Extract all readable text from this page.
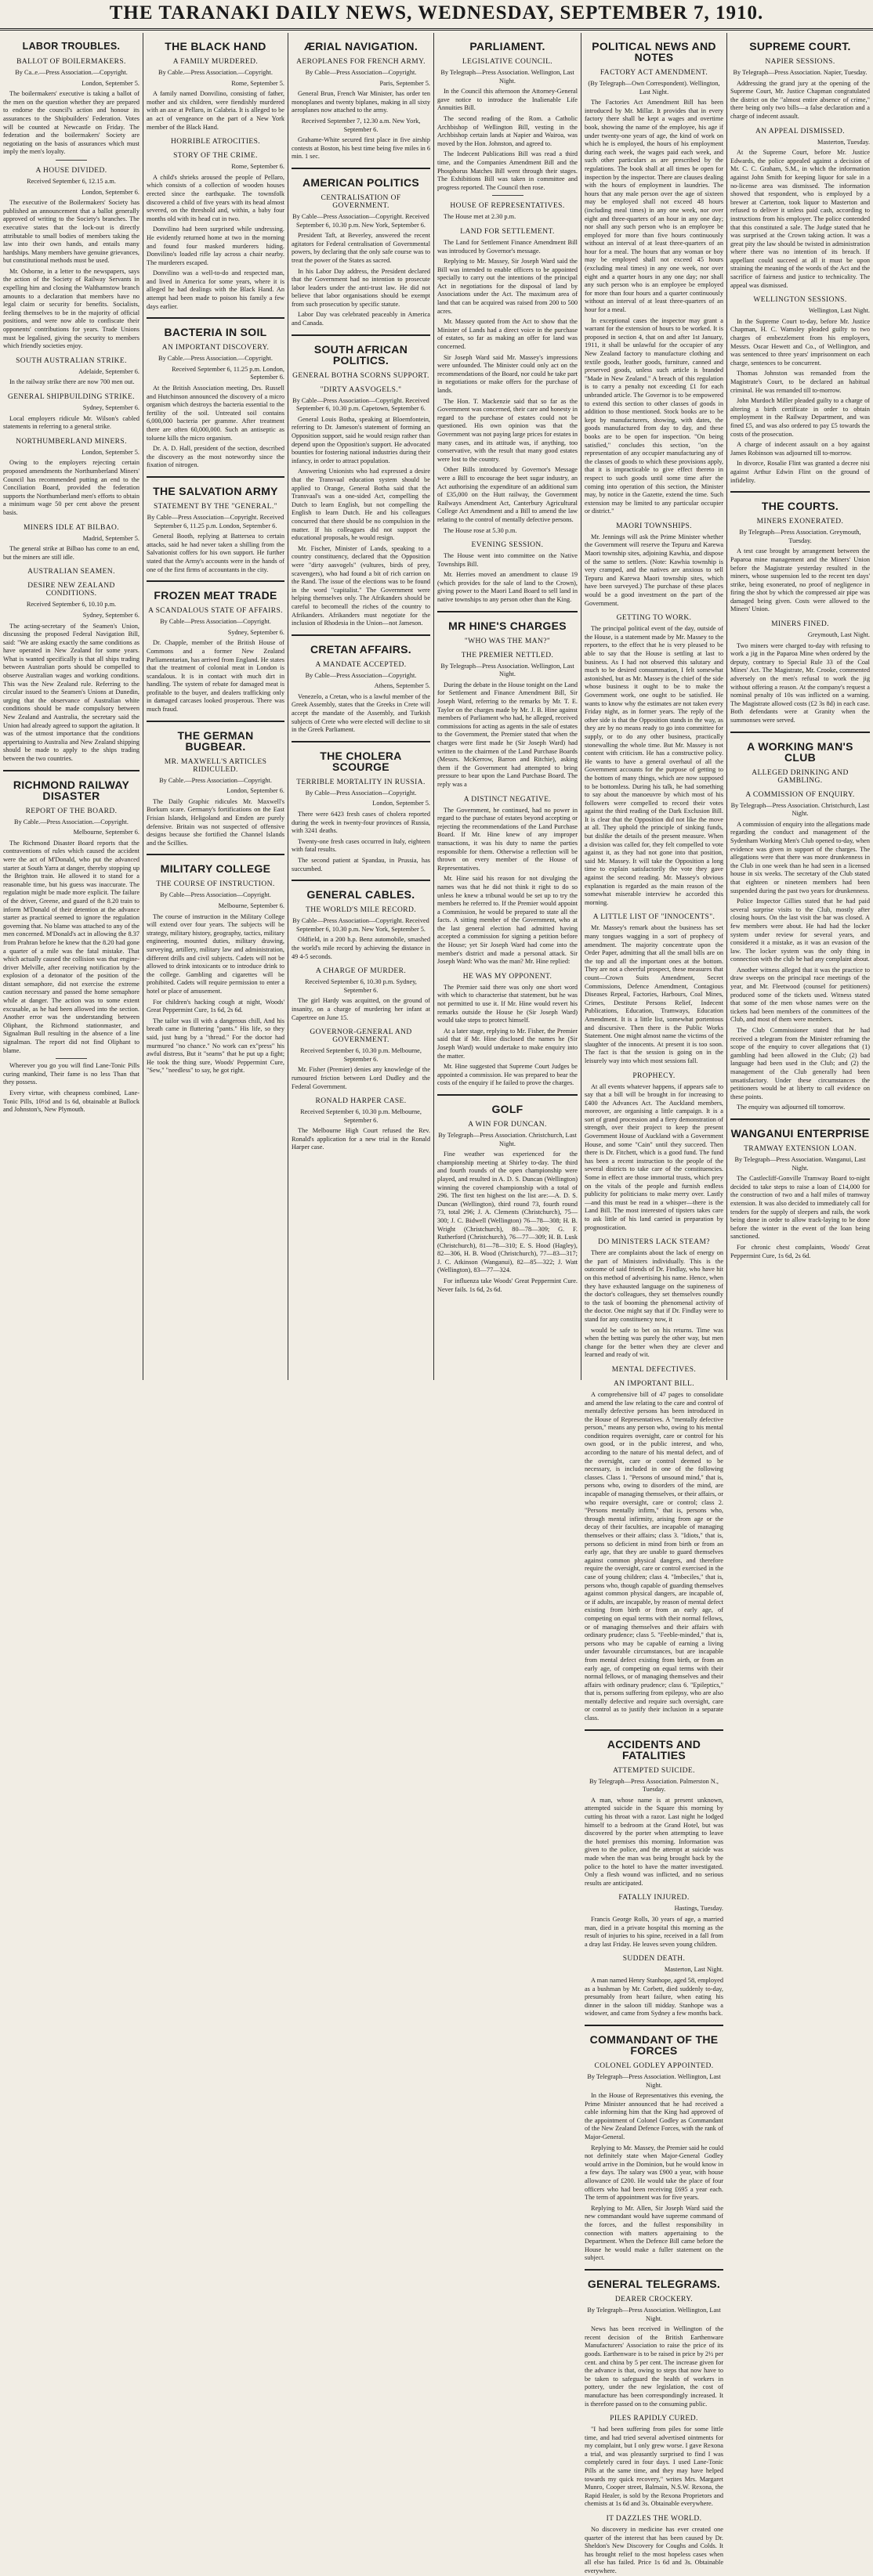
THE TARANAKI DAILY NEWS, WEDNESDAY, SEPTEMBER 7, 1910.
LABOR TROUBLES.
BALLOT OF BOILERMAKERS.

By Ca..e.—Press Association.—Copyright.

London, September 5.

The boilermakers' executive is taking a ballot of the men on the question whether they are prepared to endorse the council's action and honour its assurances to the Shipbuilders' Federation. Votes will be counted at Newcastle on Friday. The federation and the boilermakers' Society are negotiating on the basis of assurances which must imply the men's loyalty.

A HOUSE DIVIDED.

Received September 6, 12.15 a.m.

London, September 6.

The executive of the Boilermakers' Society has published an announcement that a ballot generally approved of writing to the Society's branches. The executive states that the lock-out is directly attributable to small bodies of members taking the law into their own hands, and entails many hardships. Many members have genuine grievances, but constitutional methods must be used.

Mr. Osborne, in a letter to the newspapers, says the action of the Society of Railway Servants in expelling him and closing the Walthamstow branch amounts to a declaration that members have no legal claim or security for benefits. Socialists, feeling themselves to be in the majority of official positions, and were now able to confiscate their opponents' contributions for years. Trade Unions must be legalised, giving the security to members which friendly societies enjoy.

SOUTH AUSTRALIAN STRIKE.

Adelaide, September 6.

In the railway strike there are now 700 men out.

GENERAL SHIPBUILDING STRIKE.

Sydney, September 6.

Local employers ridicule Mr. Wilson's cabled statements in referring to a general strike.

NORTHUMBERLAND MINERS.

London, September 5.

Owing to the employers rejecting certain proposed amendments the Northumberland Miners' Council has recommended putting an end to the Conciliation Board, provided the federation supports the Northumberland men's efforts to obtain a minimum wage 50 per cent above the present basis.

MINERS IDLE AT BILBAO.

Madrid, September 5.

The general strike at Bilbao has come to an end, but the miners are still idle.

AUSTRALIAN SEAMEN.
DESIRE NEW ZEALAND CONDITIONS.

Received September 6, 10.10 p.m.

Sydney, September 6.

The acting-secretary of the Seamen's Union, discussing the proposed Federal Navigation Bill, said: "We are asking exactly the same conditions as have operated in New Zealand for some years. What is wanted specifically is that all ships trading between Australian ports should be compelled to observe Australian wages and working conditions. This was the New Zealand rule. Referring to the circular issued to the Seamen's Unions at Dunedin, urging that the observance of Australian white conditions should be made compulsory between New Zealand and Australia, the secretary said the Union had already agreed to support the agitation. It was of the utmost importance that the conditions appertaining to Australia and New Zealand shipping should be made to apply to the ships trading between the two countries.

RICHMOND RAILWAY DISASTER
REPORT OF THE BOARD.

By Cable.—Press Association.—Copyright.

Melbourne, September 6.

The Richmond Disaster Board reports that the contraventions of rules which caused the accident were the act of M'Donald, who put the advanced starter at South Yarra at danger, thereby stopping up the Brighton train. He allowed it to stand for a reasonable time, but his guess was inaccurate. The regulation might be made more explicit. The failure of the driver, Greene, and guard of the 8.20 train to inform M'Donald of their detention at the advance starter as practical seemed to ignore the regulation governing that. No blame was attached to any of the men concerned. M'Donald's act in allowing the 8.37 from Prahran before he knew that the 8.20 had gone a quarter of a mile was the fatal mistake. That which actually caused the collision was that engine-driver Melville, after receiving notification by the explosion of a detonator of the position of the distant semaphore, did not exercise the extreme caution necessary and passed the home semaphore while at danger. The action was to some extent excusable, as he had been allowed into the section. Another error was the understanding between Oliphant, the Richmond stationmaster, and Signalman Bull resulting in the absence of a line signalman. The report did not find Oliphant to blame.

Wherever you go you will find Lane-Tonic Pills curing mankind, Their fame is no less Than that they possess.

Every virtue, with cheapness combined, Lane-Tonic Pills, 10½d and 1s 6d, obtainable at Bullock and Johnston's, New Plymouth.

THE BLACK HAND
A FAMILY MURDERED.

By Cable.—Press Association.—Copyright.

Rome, September 5.

A family named Donvilino, consisting of father, mother and six children, were fiendishly murdered with an axe at Pellaro, in Calabria. It is alleged to be an act of vengeance on the part of a New York member of the Black Hand.

HORRIBLE ATROCITIES.
STORY OF THE CRIME.

Rome, September 6.

A child's shrieks aroused the people of Pellaro, which consists of a collection of wooden houses erected since the earthquake. The townsfolk discovered a child of five years with its head almost severed, on the threshold and, within, a baby four months old with its head cut in two.

Donvilino had been surprised while undressing. He evidently returned home at two in the morning and found four masked murderers hiding. Donvilino's loaded rifle lay across a chair nearby. The murderers escaped.

Donvilino was a well-to-do and respected man, and lived in America for some years, where it is alleged he had dealings with the Black Hand. An attempt had been made to poison his family a few days earlier.

BACTERIA IN SOIL
AN IMPORTANT DISCOVERY.

By Cable.—Press Association.—Copyright.

Received September 6, 11.25 p.m. London, September 6.

At the British Association meeting, Drs. Russell and Hutchinson announced the discovery of a micro organism which destroys the bacteria essential to the fertility of the soil. Untreated soil contains 6,000,000 bacteria per gramme. After treatment there are often 60,000,000. Such an antiseptic as toluene kills the micro organism.

Dr. A. D. Hall, president of the section, described the discovery as the most noteworthy since the fixation of nitrogen.

THE SALVATION ARMY
STATEMENT BY THE "GENERAL."

By Cable—Press Association—Copyright. Received September 6, 11.25 p.m. London, September 6.

General Booth, replying at Battersea to certain attacks, said he had never taken a shilling from the Salvationist coffers for his own support. He further stated that the Army's accounts were in the hands of one of the first firms of accountants in the city.

FROZEN MEAT TRADE
A SCANDALOUS STATE OF AFFAIRS.

By Cable—Press Association—Copyright.

Sydney, September 6.

Dr. Chapple, member of the British House of Commons and a former New Zealand Parliamentarian, has arrived from England. He states that the treatment of colonial meat in London is scandalous. It is in contact with much dirt in handling. The system of rebate for damaged meat is profitable to the buyer, and dealers trafficking only in damaged carcases looked prosperous. There was much fraud.

THE GERMAN BUGBEAR.
MR. MAXWELL'S ARTICLES RIDICULED.

By Cable.—Press Association—Copyright.

London, September 6.

The Daily Graphic ridicules Mr. Maxwell's Borkum scare. Germany's fortifications on the East Frisian Islands, Heligoland and Emden are purely defensive. Britain was not suspected of offensive designs because she fortified the Channel Islands and the Scillies.

MILITARY COLLEGE
THE COURSE OF INSTRUCTION.

By Cable—Press Association—Copyright.

Melbourne, September 6.

The course of instruction in the Military College will extend over four years. The subjects will be strategy, military history, geography, tactics, military engineering, mounted duties, military drawing, surveying, artillery, military law and administration, different drills and civil subjects. Cadets will not be allowed to drink intoxicants or to introduce drink to the college. Gambling and cigarettes will be prohibited. Cadets will require permission to enter a hotel or place of amusement.

For children's hacking cough at night, Woods' Great Peppermint Cure, 1s 6d, 2s 6d.

The tailor was ill with a dangerous chill, And his breath came in fluttering "pants." His life, so they said, just hung by a "thread." For the doctor had murmured "no chance." No work can ex"press" his awful distress, But it "seams" that he put up a fight; He took the thing sure, Woods' Peppermint Cure, "Sew," "needless" to say, he got right.

ÆRIAL NAVIGATION.
AEROPLANES FOR FRENCH ARMY.

By Cable—Press Association—Copyright.

Paris, September 5.

General Brun, French War Minister, has order ten monoplanes and twenty biplanes, making in all sixty aeroplanes now attached to the army.

Received September 7, 12.30 a.m. New York, September 6.

Grahame-White secured first place in five airship contests at Boston, his best time being five miles in 6 min. 1 sec.

AMERICAN POLITICS
CENTRALISATION OF GOVERNMENT.

By Cable—Press Association—Copyright. Received September 6, 10.30 p.m. New York, September 6.

President Taft, at Beverley, answered the recent agitators for Federal centralisation of Governmental powers, by declaring that the only safe course was to treat the power of the States as sacred.

In his Labor Day address, the President declared that the Government had no intention to prosecute labor leaders under the anti-trust law. He did not believe that labor organisations should be exempt from such prosecution by specific statute.

Labor Day was celebrated peaceably in America and Canada.

SOUTH AFRICAN POLITICS.
GENERAL BOTHA SCORNS SUPPORT.
"DIRTY AASVOGELS."

By Cable—Press Association—Copyright. Received September 6, 10.30 p.m. Capetown, September 6.

General Louis Botha, speaking at Bloemfontein, referring to Dr. Jameson's statement of forming an Opposition support, said he would resign rather than depend upon the Opposition's support. He advocated bounties for fostering national industries during their infancy, in order to attract population.

Answering Unionists who had expressed a desire that the Transvaal education system should be applied to Orange, General Botha said that the Transvaal's was a one-sided Act, compelling the Dutch to learn English, but not compelling the English to learn Dutch. He and his colleagues concurred that there should be no compulsion in the matter. If his colleagues did not support the educational proposals, he would resign.

Mr. Fischer, Minister of Lands, speaking to a country constituency, declared that the Opposition were "dirty aasvogels" (vultures, birds of prey, scavengers), who had found a bit of rich carrion on the Rand. The issue of the elections was to be found in the word "capitalist." The Government were helping themselves only. The Afrikanders should be careful to becomeall the riches of the country to Afrikanders. Afrikanders must negotiate for the inclusion of Rhodesia in the Union—not Jameson.

CRETAN AFFAIRS.
A MANDATE ACCEPTED.

By Cable—Press Association—Copyright.

Athens, September 5.

Venezelo, a Cretan, who is a lawful member of the Greek Assembly, states that the Greeks in Crete will accept the mandate of the Assembly, and Turkish subjects of Crete who were elected will decline to sit in the Greek Parliament.

THE CHOLERA SCOURGE
TERRIBLE MORTALITY IN RUSSIA.

By Cable—Press Association—Copyright.

London, September 5.

There were 6423 fresh cases of cholera reported during the week in twenty-four provinces of Russia, with 3241 deaths.

Twenty-one fresh cases occurred in Italy, eighteen with fatal results.

The second patient at Spandau, in Prussia, has succumbed.

GENERAL CABLES.
THE WORLD'S MILE RECORD.

By Cable—Press Association—Copyright. Received September 6, 10.30 p.m. New York, September 5.

Oldfield, in a 200 h.p. Benz automobile, smashed the world's mile record by achieving the distance in 49 4-5 seconds.

A CHARGE OF MURDER.

Received September 6, 10.30 p.m. Sydney, September 6.

The girl Hardy was acquitted, on the ground of insanity, on a charge of murdering her infant at Capertree on June 15.

GOVERNOR-GENERAL AND GOVERNMENT.

Received September 6, 10.30 p.m. Melbourne, September 6.

Mr. Fisher (Premier) denies any knowledge of the rumoured friction between Lord Dudley and the Federal Government.

RONALD HARPER CASE.

Received September 6, 10.30 p.m. Melbourne, September 6.

The Melbourne High Court refused the Rev. Ronald's application for a new trial in the Ronald Harper case.

PARLIAMENT.
LEGISLATIVE COUNCIL.

By Telegraph—Press Association. Wellington, Last Night.

In the Council this afternoon the Attorney-General gave notice to introduce the Inalienable Life Annuities Bill.

The second reading of the Rom. a Catholic Archbishop of Wellington Bill, vesting in the Archbishop certain lands at Napier and Wairoa, was moved by the Hon. Johnston, and agreed to.

The Indecent Publications Bill was read a third time, and the Companies Amendment Bill and the Phosphorus Matches Bill went through their stages. The Exhibitions Bill was taken in committee and progress reported. The Council then rose.

HOUSE OF REPRESENTATIVES.

The House met at 2.30 p.m.

LAND FOR SETTLEMENT.

The Land for Settlement Finance Amendment Bill was introduced by Governor's message.

Replying to Mr. Massey, Sir Joseph Ward said the Bill was intended to enable officers to be appointed specially to carry out the intentions of the principal Act in negotiations for the disposal of land by Associations under the Act. The maximum area of land that can be acquired was raised from 200 to 500 acres.

Mr. Massey quoted from the Act to show that the Minister of Lands had a direct voice in the purchase of estates, so far as making an offer for land was concerned.

Sir Joseph Ward said Mr. Massey's impressions were unfounded. The Minister could only act on the recommendations of the Board, nor could he take part in negotiations or make offers for the purchase of lands.

The Hon. T. Mackenzie said that so far as the Government was concerned, their care and honesty in regard to the purchase of estates could not be questioned. His own opinion was that the Government was not paying large prices for estates in many cases, and its attitude was, if anything, too conservative, with the result that many good estates were lost to the country.

Other Bills introduced by Governor's Message were a Bill to encourage the beet sugar industry, an Act authorising the expenditure of an additional sum of £35,000 on the Hutt railway, the Government Railways Amendment Act, Canterbury Agricultural College Act Amendment and a Bill to amend the law relating to the control of mentally defective persons.

The House rose at 5.30 p.m.

EVENING SESSION.

The House went into committee on the Native Townships Bill.

Mr. Herries moved an amendment to clause 19 (which provides for the sale of land to the Crown), giving power to the Maori Land Board to sell land in native townships to any person other than the King.

MR HINE'S CHARGES
"WHO WAS THE MAN?"
THE PREMIER NETTLED.

By Telegraph—Press Association. Wellington, Last Night.

During the debate in the House tonight on the Land for Settlement and Finance Amendment Bill, Sir Joseph Ward, referring to the remarks by Mr. T. E. Taylor on the charges made by Mr. J. B. Hine against members of Parliament who had, he alleged, received commissions for acting as agents in the sale of estates to the Government, the Premier stated that when the charges were first made he (Sir Joseph Ward) had written to the chairmen of the Land Purchase Boards (Messrs. McKerrow, Barron and Ritchie), asking them if the Government had attempted to bring pressure to bear upon the Land Purchase Board. The reply was a

A DISTINCT NEGATIVE.

The Government, he continued, had no power in regard to the purchase of estates beyond accepting or rejecting the recommendations of the Land Purchase Board. If Mr. Hine knew of any improper transactions, it was his duty to name the parties responsible for them. Otherwise a reflection will be thrown on every member of the House of Representatives.

Mr. Hine said his reason for not divulging the names was that he did not think it right to do so unless he knew a tribunal would be set up to try the members he referred to. If the Premier would appoint a Commission, he would be prepared to state all the facts. A sitting member of the Government, who at the last general election had admitted having accepted a commission for signing a petition before the House; yet Sir Joseph Ward had come into the member's district and made a personal attack. Sir Joseph Ward: Who was the man? Mr. Hine replied:

HE WAS MY OPPONENT.

The Premier said there was only one short word with which to characterise that statement, but he was not permitted to use it. If Mr. Hine would revert his remarks outside the House he (Sir Joseph Ward) would take steps to protect himself.

At a later stage, replying to Mr. Fisher, the Premier said that if Mr. Hine disclosed the names he (Sir Joseph Ward) would undertake to make enquiry into the matter.

Mr. Hine suggested that Supreme Court Judges be appointed a commission. He was prepared to bear the costs of the enquiry if he failed to prove the charges.

GOLF
A WIN FOR DUNCAN.

By Telegraph—Press Association. Christchurch, Last Night.

Fine weather was experienced for the championship meeting at Shirley to-day. The third and fourth rounds of the open championship were played, and resulted in A. D. S. Duncan (Wellington) winning the covered championship with a total of 296. The first ten highest on the list are:—A. D. S. Duncan (Wellington), third round 73, fourth round 73, total 296; J. A. Clements (Christchurch), 75—300; J. C. Bidwell (Wellington) 76—78—308; H. B. Wright (Christchurch), 80—78—309; G. F. Rutherford (Christchurch), 76—77—309; H. B. Lusk (Christchurch), 81—78—310; E. S. Hood (Hagley), 82—306, H. B. Wood (Christchurch), 77—83—317; J. C. Atkinson (Wanganui), 82—85—322; J. Watt (Wellington), 83—77—324.

For influenza take Woods' Great Peppermint Cure. Never fails. 1s 6d, 2s 6d.

POLITICAL NEWS AND NOTES
FACTORY ACT AMENDMENT.

(By Telegraph—Own Correspondent). Wellington, Last Night.

The Factories Act Amendment Bill has been introduced by Mr. Millar. It provides that in every factory there shall be kept a wages and overtime book, showing the name of the employee, his age if under twenty-one years of age, the kind of work on which he is employed, the hours of his employment during each week, the wages paid each week, and such other particulars as are prescribed by the regulations. The book shall at all times be open for inspection by the inspector. There are clauses dealing with the hours of employment in laundries. The hours that any male person over the age of sixteen may be employed shall not exceed 48 hours (including meal times) in any one week, nor over eight and three-quarters of an hour in any one day; nor shall any such person who is an employee be employed for more than five hours continuously without an interval of at least three-quarters of an hour for a meal. The hours that any woman or boy may be employed shall not exceed 45 hours (excluding meal times) in any one week, nor over eight and a quarter hours in any one day; nor shall any such person who is an employee be employed for more than four hours and a quarter continuously without an interval of at least three-quarters of an hour for a meal.

In exceptional cases the inspector may grant a warrant for the extension of hours to be worked. It is proposed in section 4, that on and after 1st January, 1911, it shall be unlawful for the occupier of any New Zealand factory to manufacture clothing and textile goods, leather goods, furniture, canned and preserved goods, unless such article is branded "Made in New Zealand." A breach of this regulation is to carry a penalty not exceeding £1 for each unbranded article. The Governor is to be empowered to extend this section to other classes of goods in addition to those mentioned. Stock books are to be kept by manufacturers, showing, with dates, the goods manufactured from day to day, and these books are to be open for inspection. "On being satisfied," concludes this section, "on the representation of any occupier manufacturing any of the classes of goods to which these provisions apply, that it is impracticable to give effect thereto in respect to such goods until some time after the coming into operation of this section, the Minister may, by notice in the Gazette, extend the time. Such extension may be limited to any particular occupier or district."

MAORI TOWNSHIPS.

Mr. Jennings will ask the Prime Minister whether the Government will reserve the Tepuru and Karewa Maori township sites, adjoining Kawhia, and dispose of the same to settlers. (Note: Kawhia township is very cramped, and the natives are anxious to sell Tepuru and Karewa Maori township sites, which have been surveyed.) The purchase of these places would be a good investment on the part of the Government.

GETTING TO WORK.

The principal political event of the day, outside of the House, is a statement made by Mr. Massey to the reporters, to the effect that he is very pleased to be able to say that the House is settling at last to business. As I had not observed this salutary and much to be desired consummation, I felt somewhat astonished, but as Mr. Massey is the chief of the side whose business it ought to be to make the Government work, one ought to be satisfied. He wants to know why the estimates are not taken every Friday night, as in former years. The reply of the other side is that the Opposition stands in the way, as they are by no means ready to go into committee for supply, or to do any other business, practically stonewalling the whole time. But Mr. Massey is not content with criticism. He has a constructive policy. He wants to have a general overhaul of all the Government accounts for the purpose of getting to the bottom of many things, which are now supposed to be bottomless. During his talk, he had something to say about the manoeuvre by which most of his followers were compelled to record their votes against the third reading of the Dark Exclusion Bill. It is clear that the Opposition did not like the move at all. They uphold the principle of sinking funds, but dislike the details of the present measure. When a division was called for, they felt compelled to vote against it, as they had not gone into that position, said Mr. Massey. It will take the Opposition a long time to explain satisfactorily the vote they gave against the second reading. Mr. Massey's obvious explanation is regarded as the main reason of the somewhat miserable interview he accorded this morning.

A LITTLE LIST OF "INNOCENTS".

Mr. Massey's remark about the business has set many tongues wagging in a sort of prophecy of amendment. The majority concentrate upon the Order Paper, admitting that all the small bills are on the top and all the important ones at the bottom. They are not a cheerful prospect, these measures that count—Crown Suits Amendment, Secret Commissions, Defence Amendment, Contagious Diseases Repeal, Factories, Harbours, Coal Mines, Crimes, Destitute Persons Relief, Indecent Publications, Education, Tramways, Education Amendment. It is a little list, somewhat portentous and discursive. Then there is the Public Works Statement. One might almost name the victims of the slaughter of the innocents. At present it is too soon. The fact is that the session is going on in the leisurely way into which most sessions fall.

PROPHECY.

At all events whatever happens, if appears safe to say that a bill will be brought in for increasing to £400 the Advances Act. The Auckland members, moreover, are organising a little campaign. It is a sort of grand procession and a fiery demonstration of strength, over their project to keep the present Government House of Auckland with a Government House, and some "Cain" until they succeed. Then there is Dr. Fitchett, which is a good fund. The fund has been a recent instruction to the people of the several districts to take care of the constituencies. Some in effect are those immortal trusts, which prey on the vitals of the people and furnish endless publicity for politicians to make merry over. Lastly—and this must be read in a whisper—there is the Land Bill. The most interested of tipsters takes care to ask little of his land carried in preparation by prognostication.

DO MINISTERS LACK STEAM?

There are complaints about the lack of energy on the part of Ministers individually. This is the outcome of said friends of Dr. Findlay, who have hit on this method of advertising his name. Hence, when they have exhausted language on the supineness of the doctor's colleagues, they set themselves roundly to the task of booming the phenomenal activity of the doctor. One might say that if Dr. Findlay were to stand for any constituency now, it

would be safe to bet on his returns. Time was when the betting was purely the other way, but men change for the better when they are clever and learned and ready of wit.

MENTAL DEFECTIVES.
AN IMPORTANT BILL.

A comprehensive bill of 47 pages to consolidate and amend the law relating to the care and control of mentally defective persons has been introduced in the House of Representatives. A "mentally defective person," means any person who, owing to his mental condition requires oversight, care or control for his own good, or in the public interest, and who, according to the nature of his mental defect, and of the oversight, care or control deemed to be necessary, is included in one of the following classes. Class 1. "Persons of unsound mind," that is, persons who, owing to disorders of the mind, are incapable of managing themselves, or their affairs, or who require oversight, care or control; class 2. "Persons mentally infirm," that is, persons who, through mental infirmity, arising from age or the decay of their faculties, are incapable of managing themselves or their affairs; class 3. "Idiots," that is, persons so deficient in mind from birth or from an early age, that they are unable to guard themselves against common physical dangers, and therefore require the oversight, care or control exercised in the case of young children; class 4. "Imbeciles," that is, persons who, though capable of guarding themselves against common physical dangers, are incapable of, or if adults, are incapable, by reason of mental defect existing from birth or from an early age, of competing on equal terms with their normal fellows, or of managing themselves and their affairs with ordinary prudence; class 5. "Feeble-minded," that is, persons who may be capable of earning a living under favourable circumstances, but are incapable from mental defect existing from birth, or from an early age, of competing on equal terms with their normal fellows, or of managing themselves and their affairs with ordinary prudence; class 6. "Epileptics," that is, persons suffering from epilepsy, who are also mentally defective and require such oversight, care or control as to justify their inclusion in a separate class.

ACCIDENTS AND FATALITIES
ATTEMPTED SUICIDE.

By Telegraph—Press Association. Palmerston N., Tuesday.

A man, whose name is at present unknown, attempted suicide in the Square this morning by cutting his throat with a razor. Last night he lodged himself to a bedroom at the Grand Hotel, but was discovered by the porter when attempting to leave the hotel premises this morning. Information was given to the police, and the attempt at suicide was made when the man was being brought back by the police to the hotel to have the matter investigated. Only a flesh wound was inflicted, and no serious results are anticipated.

FATALLY INJURED.

Hastings, Tuesday.

Francis George Rolls, 30 years of age, a married man, died in a private hospital this morning as the result of injuries to his spine, received in a fall from a dray last Friday. He leaves seven young children.

SUDDEN DEATH.

Masterton, Last Night.

A man named Henry Stanhope, aged 58, employed as a bushman by Mr. Corbett, died suddenly to-day, presumably from heart failure, when eating his dinner in the saloon till midday. Stanhope was a widower, and came from Sydney a few months back.

COMMANDANT OF THE FORCES
COLONEL GODLEY APPOINTED.

By Telegraph—Press Association. Wellington, Last Night.

In the House of Representatives this evening, the Prime Minister announced that he had received a cable informing him that the King had approved of the appointment of Colonel Godley as Commandant of the New Zealand Defence Forces, with the rank of Major-General.

Replying to Mr. Massey, the Premier said he could not definitely state when Major-General Godley would arrive in the Dominion, but he would know in a few days. The salary was £900 a year, with house allowance of £200. He would take the place of four officers who had been receiving £695 a year each. The term of appointment was for five years.

Replying to Mr. Allen, Sir Joseph Ward said the new commandant would have supreme command of the forces, and the fullest responsibility in connection with matters appertaining to the Department. When the Defence Bill came before the House he would make a fuller statement on the subject.

GENERAL TELEGRAMS.
DEARER CROCKERY.

By Telegraph—Press Association. Wellington, Last Night.

News has been received in Wellington of the recent decision of the British Earthenware Manufacturers' Association to raise the price of its goods. Earthenware is to be raised in price by 2½ per cent. and china by 5 per cent. The increase given for the advance is that, owing to steps that now have to be taken to safeguard the health of workers in pottery, under the new legislation, the cost of manufacture has been correspondingly increased. It is therefore passed on to the consuming public.

PILES RAPIDLY CURED.

"I had been suffering from piles for some little time, and had tried several advertised ointments for my complaint, but I only grew worse. I gave Rexona a trial, and was pleasantly surprised to find I was completely cured in four days. I used Lane-Tonic Pills at the same time, and they may have helped towards my quick recovery," writes Mrs. Margaret Munro, Cooper street, Balmain, N.S.W. Rexona, the Rapid Healer, is sold by the Rexona Proprietors and chemists at 1s 6d and 3s. Obtainable everywhere.

IT DAZZLES THE WORLD.

No discovery in medicine has ever created one quarter of the interest that has been caused by Dr. Sheldon's New Discovery for Coughs and Colds. It has brought relief to the most hopeless cases when all else has failed. Price 1s 6d and 3s. Obtainable everywhere.

SUPREME COURT.
NAPIER SESSIONS.

By Telegraph—Press Association. Napier, Tuesday.

Addressing the grand jury at the opening of the Supreme Court, Mr. Justice Chapman congratulated the district on the "almost entire absence of crime," there being only two bills—a false declaration and a charge of indecent assault.

AN APPEAL DISMISSED.

Masterton, Tuesday.

At the Supreme Court, before Mr. Justice Edwards, the police appealed against a decision of Mr. C. C. Graham, S.M., in which the information against John Smith for keeping liquor for sale in a no-license area was dismissed. The information showed that respondent, who is employed by a brewer at Carterton, took liquor to Masterton and refused to deliver it unless paid cash, according to instructions from his employer. The police contended that this constituted a sale. The Judge stated that he was surprised at the Crown taking action. It was a great pity the law should be twisted in administration where there was no intention of its breach. If appellant could succeed at all it must be upon straining the meaning of the words of the Act and the sacrifice of fairness and justice to technicality. The appeal was dismissed.

WELLINGTON SESSIONS.

Wellington, Last Night.

In the Supreme Court to-day, before Mr. Justice Chapman, H. C. Wamsley pleaded guilty to two charges of embezzlement from his employers, Messrs. Oscar Hewett and Co., of Wellington, and was sentenced to three years' imprisonment on each charge, sentences to be concurrent.

Thomas Johnston was remanded from the Magistrate's Court, to be declared an habitual criminal. He was remanded till to-morrow.

John Murdoch Miller pleaded guilty to a charge of altering a birth certificate in order to obtain employment in the Railway Department, and was fined £5, and was also ordered to pay £5 towards the costs of the prosecution.

A charge of indecent assault on a boy against James Robinson was adjourned till to-morrow.

In divorce, Rosalie Flint was granted a decree nisi against Arthur Edwin Flint on the ground of infidelity.

THE COURTS.
MINERS EXONERATED.

By Telegraph—Press Association. Greymouth, Tuesday.

A test case brought by arrangement between the Paparoa mine management and the Miners' Union before the Magistrate yesterday resulted in the miners, whose suspension led to the recent ten days' strike, being exonerated, no proof of negligence in firing the shot by which the compressed air pipe was damaged being given. Costs were allowed to the Miners' Union.

MINERS FINED.

Greymouth, Last Night.

Two miners were charged to-day with refusing to work a jig in the Paparoa Mine when ordered by the deputy, contrary to Special Rule 33 of the Coal Mines' Act. The Magistrate, Mr. Crooke, commented adversely on the men's refusal to work the jig without offering a reason. At the company's request a nominal penalty of 10s was inflicted on a warning. The Magistrate allowed costs (£2 3s 8d) in each case. Both defendants were at Granity when the summonses were served.

A WORKING MAN'S CLUB
ALLEGED DRINKING AND GAMBLING.
A COMMISSION OF ENQUIRY.

By Telegraph—Press Association. Christchurch, Last Night.

A commission of enquiry into the allegations made regarding the conduct and management of the Sydenham Working Men's Club opened to-day, when evidence was given in support of the charges. The allegations were that there was more drunkenness in the Club in one week than he had seen in a licensed house in six weeks. The secretary of the Club stated that eighteen or nineteen members had been suspended during the past two years for drunkenness.

Police Inspector Gillies stated that he had paid several surprise visits to the Club, mostly after closing hours. On the last visit the bar was closed. A few members were about. He had had the locker system under review for several years, and considered it a mistake, as it was an evasion of the law. The locker system was the only thing in connection with the club he had any complaint about.

Another witness alleged that it was the practice to draw sweeps on the principal race meetings of the year, and Mr. Fleetwood (counsel for petitioners) produced some of the tickets used. Witness stated that some of the men whose names were on the tickets had been members of the committees of the Club, and most of them were members.

The Club Commissioner stated that he had received a telegram from the Minister reframing the scope of the enquiry to cover allegations that (1) gambling had been allowed in the Club; (2) bad language had been used in the Club; and (2) the management of the Club generally had been unsatisfactory. Under these circumstances the petitioners would be at liberty to call evidence on these points.

The enquiry was adjourned till tomorrow.

WANGANUI ENTERPRISE
TRAMWAY EXTENSION LOAN.

By Telegraph—Press Association. Wanganui, Last Night.

The Castlecliff-Gonville Tramway Board to-night decided to take steps to raise a loan of £14,000 for the construction of two and a half miles of tramway extension. It was also decided to immediately call for tenders for the supply of sleepers and rails, the work being done in order to allow track-laying to be done before the winter in the event of the loan being sanctioned.

For chronic chest complaints, Woods' Great Peppermint Cure, 1s 6d, 2s 6d.
